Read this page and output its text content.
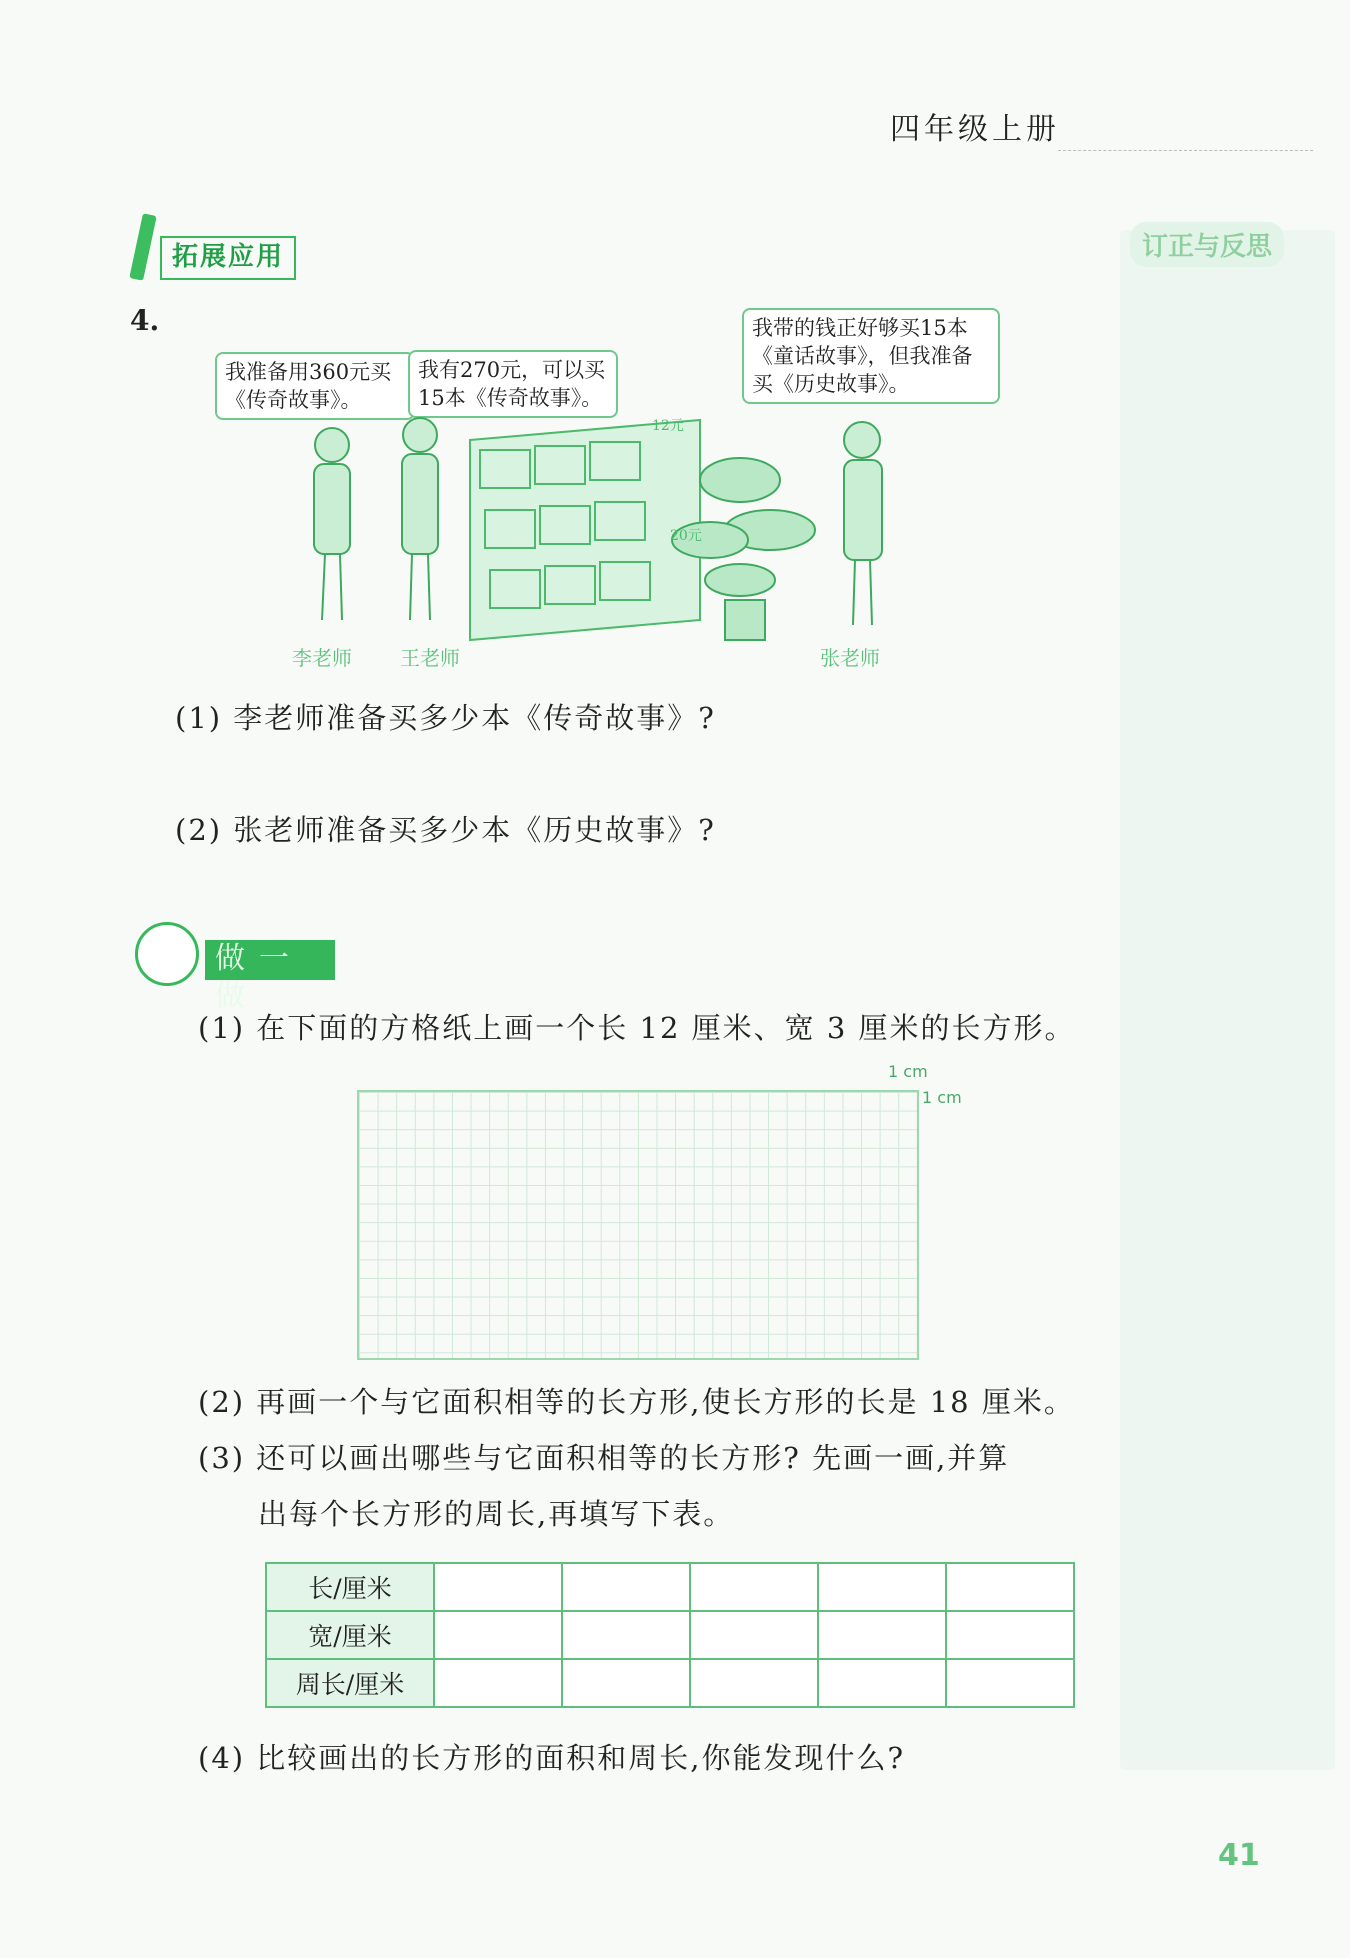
四年级上册
订正与反思
拓展应用
4.
我准备用360元买《传奇故事》。
我有270元，可以买15本《传奇故事》。
我带的钱正好够买15本《童话故事》，但我准备买《历史故事》。
12元
20元
李老师 王老师	张老师
(1) 李老师准备买多少本《传奇故事》?
(2) 张老师准备买多少本《历史故事》?
做一做
(1) 在下面的方格纸上画一个长 12 厘米、宽 3 厘米的长方形。
1 cm
1 cm
(2) 再画一个与它面积相等的长方形,使长方形的长是 18 厘米。
(3) 还可以画出哪些与它面积相等的长方形? 先画一画,并算
出每个长方形的周长,再填写下表。
长/厘米					
宽/厘米					
周长/厘米					
(4) 比较画出的长方形的面积和周长,你能发现什么?
41
